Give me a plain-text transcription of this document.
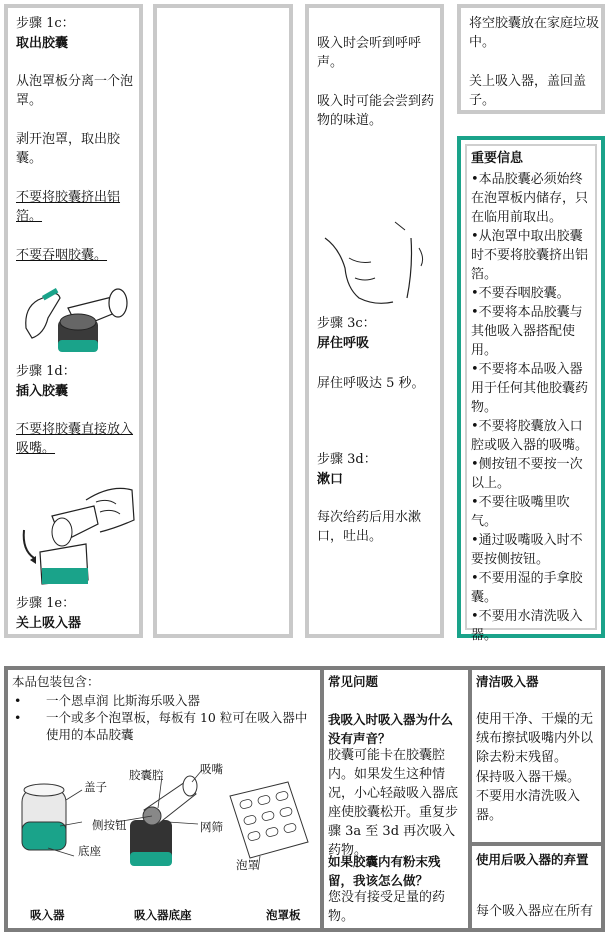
步骤 1c：
取出胶囊
从泡罩板分离一个泡罩。
剥开泡罩，取出胶囊。
不要将胶囊挤出铝箔。
不要吞咽胶囊。
步骤 1d：
插入胶囊
不要将胶囊直接放入吸嘴。
步骤 1e：
关上吸入器
吸入时会听到呼呼声。
吸入时可能会尝到药物的味道。
步骤 3c：
屏住呼吸
屏住呼吸达 5 秒。
步骤 3d：
漱口
每次给药后用水漱口，吐出。
将空胶囊放在家庭垃圾中。
关上吸入器，盖回盖子。

重要信息

•本品胶囊必须始终在泡罩板内储存，只在临用前取出。

•从泡罩中取出胶囊时不要将胶囊挤出铝箔。

•不要吞咽胶囊。

•不要将本品胶囊与其他吸入器搭配使用。

•不要将本品吸入器用于任何其他胶囊药物。

•不要将胶囊放入口腔或吸入器的吸嘴。

•侧按钮不要按一次以上。

•不要往吸嘴里吹气。

•通过吸嘴吸入时不要按侧按钮。

•不要用湿的手拿胶囊。

•不要用水清洗吸入器。

本品包装包含：
• 一个恩卓润 比斯海乐吸入器
• 一个或多个泡罩板，每板有 10 粒可在吸入器中使用的本品胶囊
盖子
胶囊腔	吸嘴
侧按钮	网筛
底座
泡罩
吸入器	吸入器底座	泡罩板
常见问题
我吸入时吸入器为什么没有声音？
胶囊可能卡在胶囊腔内。如果发生这种情况，小心轻敲吸入器底座使胶囊松开。重复步骤 3a 至 3d 再次吸入药物。
如果胶囊内有粉末残留，我该怎么做？
您没有接受足量的药物。
清洁吸入器
使用干净、干燥的无绒布擦拭吸嘴内外以除去粉末残留。
保持吸入器干燥。
不要用水清洗吸入器。
使用后吸入器的弃置
每个吸入器应在所有
